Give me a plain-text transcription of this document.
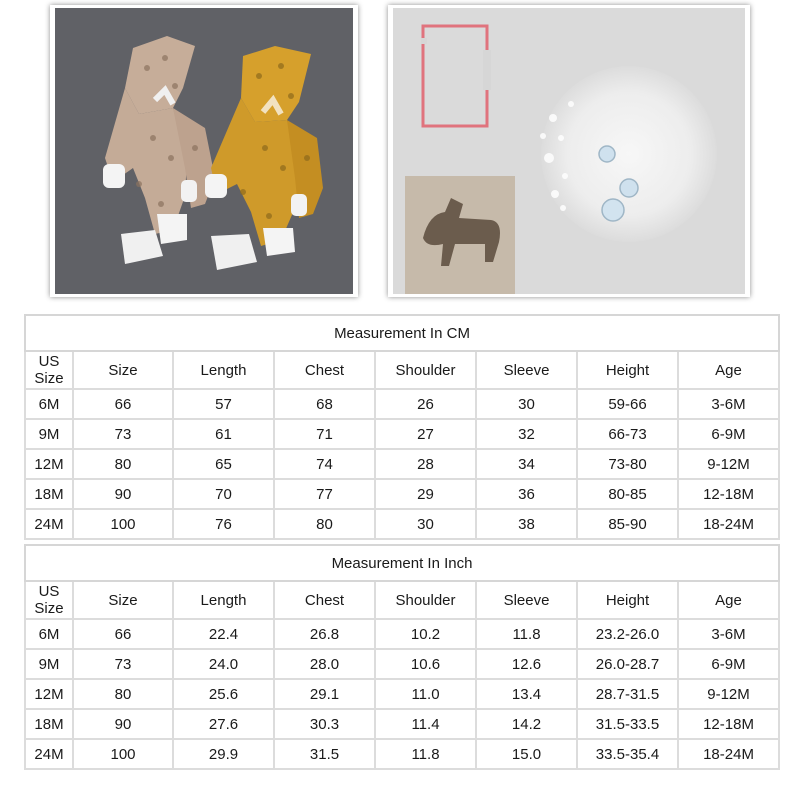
Measurement In CM							

US
Size	Size	Length	Chest	Shoulder	Sleeve	Height	Age
6M	66	57	68	26	30	59-66	3-6M
9M	73	61	71	27	32	66-73	6-9M
12M	80	65	74	28	34	73-80	9-12M
18M	90	70	77	29	36	80-85	12-18M
24M	100	76	80	30	38	85-90	18-24M
Measurement In Inch							

US
Size	Size	Length	Chest	Shoulder	Sleeve	Height	Age
6M	66	22.4	26.8	10.2	11.8	23.2-26.0	3-6M
9M	73	24.0	28.0	10.6	12.6	26.0-28.7	6-9M
12M	80	25.6	29.1	11.0	13.4	28.7-31.5	9-12M
18M	90	27.6	30.3	11.4	14.2	31.5-33.5	12-18M
24M	100	29.9	31.5	11.8	15.0	33.5-35.4	18-24M
